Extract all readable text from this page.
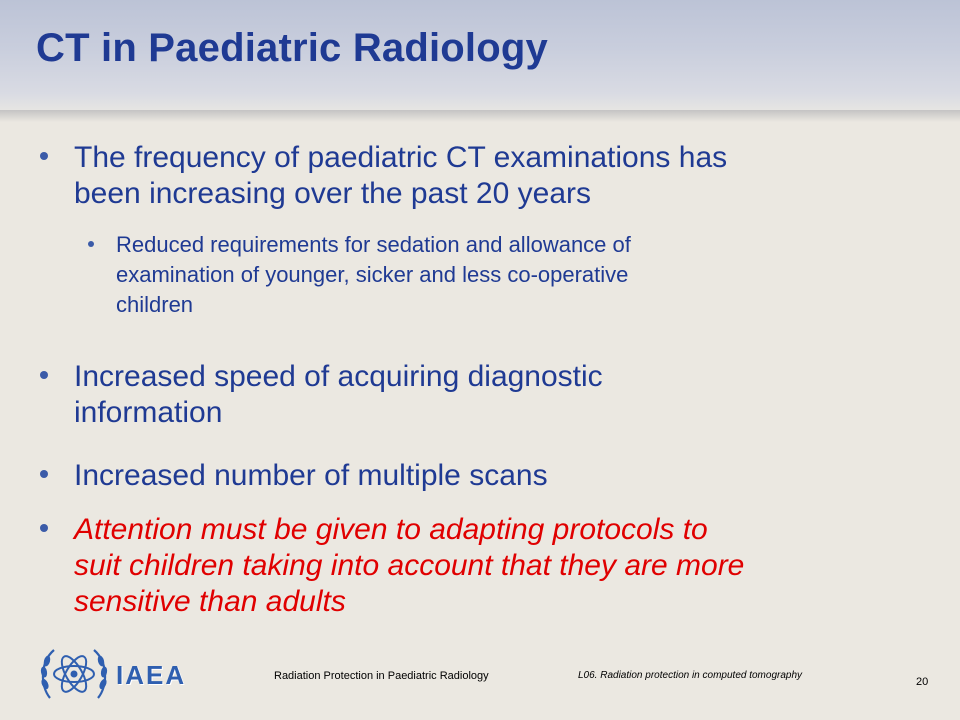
CT in Paediatric Radiology
The frequency of paediatric CT examinations has
been increasing over the past 20 years
Reduced requirements for sedation and allowance of
examination of younger, sicker and less co-operative
children
Increased speed of acquiring diagnostic
information
Increased number of multiple scans
Attention must be given to adapting protocols to
suit children taking into account that they are more
sensitive than adults
IAEA	Radiation Protection in Paediatric Radiology	L06. Radiation protection in computed tomography
20
